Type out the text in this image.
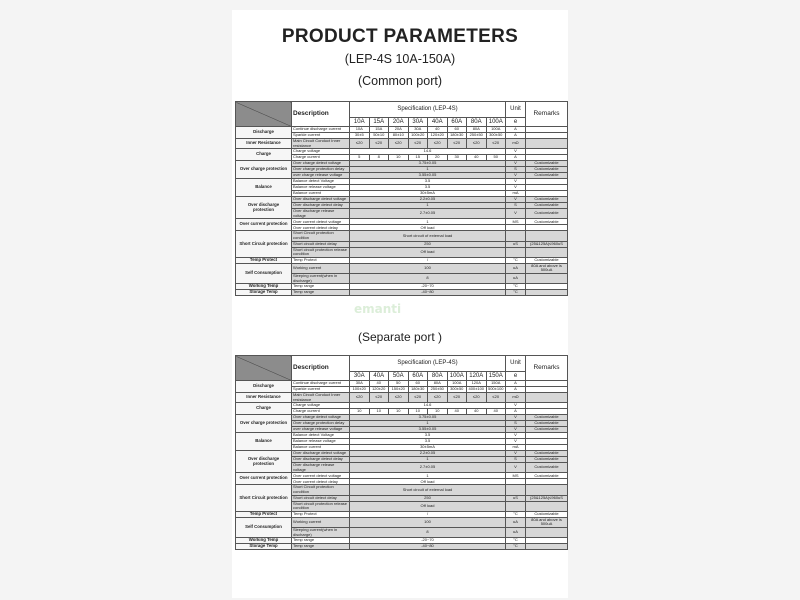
PRODUCT PARAMETERS
(LEP-4S 10A-150A)
(Common port)
emanti
(Separate port )
	Description	Specification (LEP-4S)								Unit	Remarks
		10A	15A	20A	30A	40A	60A	80A	100A	e	
Discharge	Continue discharge current	10A	15A	20A	30A	40	60	80A	100A	A	
	Sparkle current	30±5	50±10	80±10	100±20	120±20	180±30	250±50	300±50	A	
Inner Resistance	Main Circuit Conduct Inner resistance	≤20	≤20	≤20	≤20	≤20	≤20	≤20	≤20	mΩ	
Charge	Charge voltage	14.6								V	
	Charge current	5	8	10	15	20	30	40	50	A	
Over charge protection	Over charge detect voltage	3.75±0.05								V	Customizable
	Over charge protection delay	1								S	Customizable
	over charge release voltage	3.55±0.05								V	Customizable
Balance	Balance detect Voltage	3.5								V	
	Balance release voltage	3.5								V	
	Balance current	30±5mA								mA	
Over discharge protection	Over discharge detect voltage	2.2±0.05								V	Customizable
	Over discharge detect delay	1								S	Customizable
	Over discharge release voltage	2.7±0.05								V	Customizable
Over current protection	Over current detect voltage	1								MS	Customizable
	Over current detect delay	Off load									
Short Circuit protection	Short Circuit protection condition	Short circuit of external load									
	Short circuit detect delay	250								uS	(25&125A)≤960uS
	Short circuit protection release condition	Off load									
Temp Protect	Temp Protect	/								°C	Customizable
Self Consumption	Working current	100								uA	80A and above is 500uA
	Sleeping current(when in discharge)	8								uA	
Working Temp	Temp range	-20~70								°C	
Storage Temp	Temp range	-40~80								°C	
	Description	Specification (LEP-4S)								Unit	Remarks
		30A	40A	50A	60A	80A	100A	120A	150A	e	
Discharge	Continue discharge current	30A	40	50	60	80A	100A	120A	150A	A	
	Sparkle current	100±20	120±20	150±20	180±30	250±50	300±50	400±100	500±100	A	
Inner Resistance	Main Circuit Conduct Inner resistance	≤20	≤20	≤20	≤20	≤20	≤20	≤20	≤20	mΩ	
Charge	Charge voltage	14.6								V	
	Charge current	10	10	10	10	10	40	40	40	A	
Over charge protection	Over charge detect voltage	3.75±0.05								V	Customizable
	Over charge protection delay	1								S	Customizable
	over charge release voltage	3.55±0.05								V	Customizable
Balance	Balance detect Voltage	3.5								V	
	Balance release voltage	3.5								V	
	Balance current	30±5mA								mA	
Over discharge protection	Over discharge detect voltage	2.2±0.05								V	Customizable
	Over discharge detect delay	1								S	Customizable
	Over discharge release voltage	2.7±0.05								V	Customizable
Over current protection	Over current detect voltage	1								MS	Customizable
	Over current detect delay	Off load									
Short Circuit protection	Short Circuit protection condition	Short circuit of external load									
	Short circuit detect delay	250								uS	(25&125A)≤960uS
	Short circuit protection release condition	Off load									
Temp Protect	Temp Protect	/								°C	Customizable
Self Consumption	Working current	100								uA	80A and above is 500uA
	Sleeping current(when in discharge)	8								uA	
Working Temp	Temp range	-20~70								°C	
Storage Temp	Temp range	-40~80								°C	
